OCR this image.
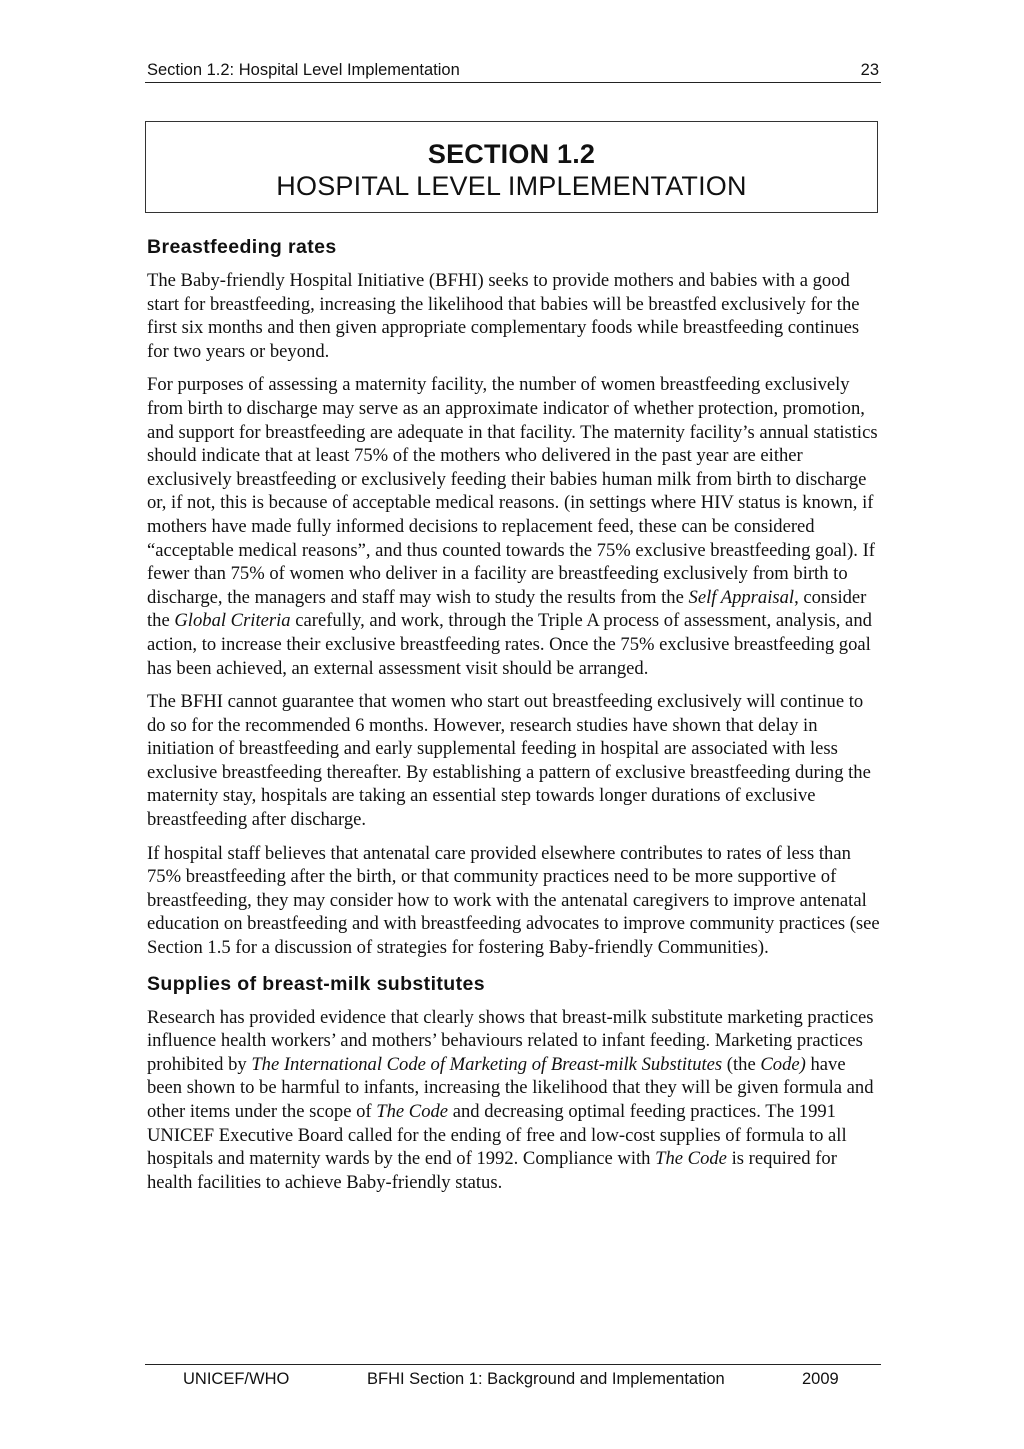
Section 1.2: Hospital Level Implementation	23
SECTION 1.2
HOSPITAL LEVEL IMPLEMENTATION
Breastfeeding rates

The Baby-friendly Hospital Initiative (BFHI) seeks to provide mothers and babies with a good start for breastfeeding, increasing the likelihood that babies will be breastfed exclusively for the first six months and then given appropriate complementary foods while breastfeeding continues for two years or beyond.

For purposes of assessing a maternity facility, the number of women breastfeeding exclusively from birth to discharge may serve as an approximate indicator of whether protection, promotion, and support for breastfeeding are adequate in that facility. The maternity facility’s annual statistics should indicate that at least 75% of the mothers who delivered in the past year are either exclusively breastfeeding or exclusively feeding their babies human milk from birth to discharge or, if not, this is because of acceptable medical reasons. (in settings where HIV status is known, if mothers have made fully informed decisions to replacement feed, these can be considered “acceptable medical reasons”, and thus counted towards the 75% exclusive breastfeeding goal). If fewer than 75% of women who deliver in a facility are breastfeeding exclusively from birth to discharge, the managers and staff may wish to study the results from the Self Appraisal, consider the Global Criteria carefully, and work, through the Triple A process of assessment, analysis, and action, to increase their exclusive breastfeeding rates. Once the 75% exclusive breastfeeding goal has been achieved, an external assessment visit should be arranged.

The BFHI cannot guarantee that women who start out breastfeeding exclusively will continue to do so for the recommended 6 months. However, research studies have shown that delay in initiation of breastfeeding and early supplemental feeding in hospital are associated with less exclusive breastfeeding thereafter. By establishing a pattern of exclusive breastfeeding during the maternity stay, hospitals are taking an essential step towards longer durations of exclusive breastfeeding after discharge.

If hospital staff believes that antenatal care provided elsewhere contributes to rates of less than 75% breastfeeding after the birth, or that community practices need to be more supportive of breastfeeding, they may consider how to work with the antenatal caregivers to improve antenatal education on breastfeeding and with breastfeeding advocates to improve community practices (see Section 1.5 for a discussion of strategies for fostering Baby-friendly Communities).

Supplies of breast-milk substitutes

Research has provided evidence that clearly shows that breast-milk substitute marketing practices influence health workers’ and mothers’ behaviours related to infant feeding. Marketing practices prohibited by The International Code of Marketing of Breast-milk Substitutes (the Code) have been shown to be harmful to infants, increasing the likelihood that they will be given formula and other items under the scope of The Code and decreasing optimal feeding practices. The 1991 UNICEF Executive Board called for the ending of free and low-cost supplies of formula to all hospitals and maternity wards by the end of 1992. Compliance with The Code is required for health facilities to achieve Baby-friendly status.

UNICEF/WHO	BFHI Section 1: Background and Implementation	2009
